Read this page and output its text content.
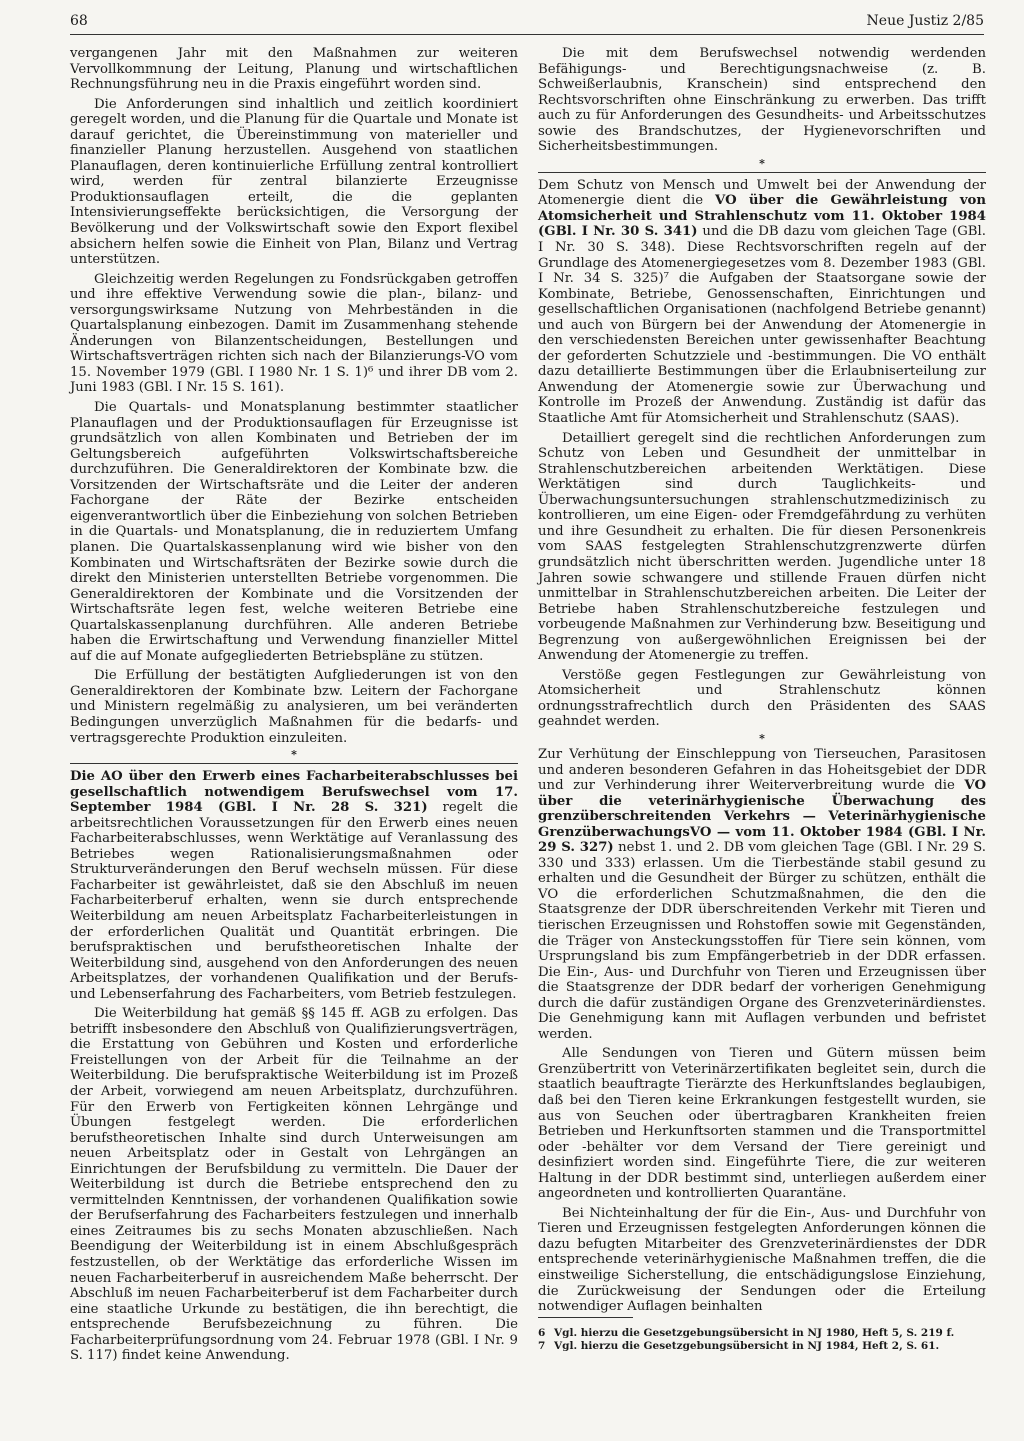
68	Neue Justiz 2/85

vergangenen Jahr mit den Maßnahmen zur weiteren Vervollkommnung der Leitung, Planung und wirtschaftlichen Rechnungsführung neu in die Praxis eingeführt worden sind.

Die Anforderungen sind inhaltlich und zeitlich koordiniert geregelt worden, und die Planung für die Quartale und Monate ist darauf gerichtet, die Übereinstimmung von materieller und finanzieller Planung herzustellen. Ausgehend von staatlichen Planauflagen, deren kontinuierliche Erfüllung zentral kontrolliert wird, werden für zentral bilanzierte Erzeugnisse Produktionsauflagen erteilt, die die geplanten Intensivierungseffekte berücksichtigen, die Versorgung der Bevölkerung und der Volkswirtschaft sowie den Export flexibel absichern helfen sowie die Einheit von Plan, Bilanz und Vertrag unterstützen.

Gleichzeitig werden Regelungen zu Fondsrückgaben getroffen und ihre effektive Verwendung sowie die plan-, bilanz- und versorgungswirksame Nutzung von Mehrbeständen in die Quartalsplanung einbezogen. Damit im Zusammenhang stehende Änderungen von Bilanzentscheidungen, Bestellungen und Wirtschaftsverträgen richten sich nach der Bilanzierungs-VO vom 15. November 1979 (GBl. I 1980 Nr. 1 S. 1)⁶ und ihrer DB vom 2. Juni 1983 (GBl. I Nr. 15 S. 161).

Die Quartals- und Monatsplanung bestimmter staatlicher Planauflagen und der Produktionsauflagen für Erzeugnisse ist grundsätzlich von allen Kombinaten und Betrieben der im Geltungsbereich aufgeführten Volkswirtschaftsbereiche durchzuführen. Die Generaldirektoren der Kombinate bzw. die Vorsitzenden der Wirtschaftsräte und die Leiter der anderen Fachorgane der Räte der Bezirke entscheiden eigenverantwortlich über die Einbeziehung von solchen Betrieben in die Quartals- und Monatsplanung, die in reduziertem Umfang planen. Die Quartalskassenplanung wird wie bisher von den Kombinaten und Wirtschaftsräten der Bezirke sowie durch die direkt den Ministerien unterstellten Betriebe vorgenommen. Die Generaldirektoren der Kombinate und die Vorsitzenden der Wirtschaftsräte legen fest, welche weiteren Betriebe eine Quartalskassenplanung durchführen. Alle anderen Betriebe haben die Erwirtschaftung und Verwendung finanzieller Mittel auf die auf Monate aufgegliederten Betriebspläne zu stützen.

Die Erfüllung der bestätigten Aufgliederungen ist von den Generaldirektoren der Kombinate bzw. Leitern der Fachorgane und Ministern regelmäßig zu analysieren, um bei veränderten Bedingungen unverzüglich Maßnahmen für die bedarfs- und vertragsgerechte Produktion einzuleiten.

*

Die AO über den Erwerb eines Facharbeiterabschlusses bei gesellschaftlich notwendigem Berufswechsel vom 17. September 1984 (GBl. I Nr. 28 S. 321) regelt die arbeitsrechtlichen Voraussetzungen für den Erwerb eines neuen Facharbeiterabschlusses, wenn Werktätige auf Veranlassung des Betriebes wegen Rationalisierungsmaßnahmen oder Strukturveränderungen den Beruf wechseln müssen. Für diese Facharbeiter ist gewährleistet, daß sie den Abschluß im neuen Facharbeiterberuf erhalten, wenn sie durch entsprechende Weiterbildung am neuen Arbeitsplatz Facharbeiterleistungen in der erforderlichen Qualität und Quantität erbringen. Die berufspraktischen und berufstheoretischen Inhalte der Weiterbildung sind, ausgehend von den Anforderungen des neuen Arbeitsplatzes, der vorhandenen Qualifikation und der Berufs- und Lebenserfahrung des Facharbeiters, vom Betrieb festzulegen.

Die Weiterbildung hat gemäß §§ 145 ff. AGB zu erfolgen. Das betrifft insbesondere den Abschluß von Qualifizierungsverträgen, die Erstattung von Gebühren und Kosten und erforderliche Freistellungen von der Arbeit für die Teilnahme an der Weiterbildung. Die berufspraktische Weiterbildung ist im Prozeß der Arbeit, vorwiegend am neuen Arbeitsplatz, durchzuführen. Für den Erwerb von Fertigkeiten können Lehrgänge und Übungen festgelegt werden. Die erforderlichen berufstheoretischen Inhalte sind durch Unterweisungen am neuen Arbeitsplatz oder in Gestalt von Lehrgängen an Einrichtungen der Berufsbildung zu vermitteln. Die Dauer der Weiterbildung ist durch die Betriebe entsprechend den zu vermittelnden Kenntnissen, der vorhandenen Qualifikation sowie der Berufserfahrung des Facharbeiters festzulegen und innerhalb eines Zeitraumes bis zu sechs Monaten abzuschließen. Nach Beendigung der Weiterbildung ist in einem Abschlußgespräch festzustellen, ob der Werktätige das erforderliche Wissen im neuen Facharbeiterberuf in ausreichendem Maße beherrscht. Der Abschluß im neuen Facharbeiterberuf ist dem Facharbeiter durch eine staatliche Urkunde zu bestätigen, die ihn berechtigt, die entsprechende Berufsbezeichnung zu führen. Die Facharbeiterprüfungsordnung vom 24. Februar 1978 (GBl. I Nr. 9 S. 117) findet keine Anwendung.

Die mit dem Berufswechsel notwendig werdenden Befähigungs- und Berechtigungsnachweise (z. B. Schweißerlaubnis, Kranschein) sind entsprechend den Rechtsvorschriften ohne Einschränkung zu erwerben. Das trifft auch zu für Anforderungen des Gesundheits- und Arbeitsschutzes sowie des Brandschutzes, der Hygienevorschriften und Sicherheitsbestimmungen.

*

Dem Schutz von Mensch und Umwelt bei der Anwendung der Atomenergie dient die VO über die Gewährleistung von Atomsicherheit und Strahlenschutz vom 11. Oktober 1984 (GBl. I Nr. 30 S. 341) und die DB dazu vom gleichen Tage (GBl. I Nr. 30 S. 348). Diese Rechtsvorschriften regeln auf der Grundlage des Atomenergiegesetzes vom 8. Dezember 1983 (GBl. I Nr. 34 S. 325)⁷ die Aufgaben der Staatsorgane sowie der Kombinate, Betriebe, Genossenschaften, Einrichtungen und gesellschaftlichen Organisationen (nachfolgend Betriebe genannt) und auch von Bürgern bei der Anwendung der Atomenergie in den verschiedensten Bereichen unter gewissenhafter Beachtung der geforderten Schutzziele und -bestimmungen. Die VO enthält dazu detaillierte Bestimmungen über die Erlaubniserteilung zur Anwendung der Atomenergie sowie zur Überwachung und Kontrolle im Prozeß der Anwendung. Zuständig ist dafür das Staatliche Amt für Atomsicherheit und Strahlenschutz (SAAS).

Detailliert geregelt sind die rechtlichen Anforderungen zum Schutz von Leben und Gesundheit der unmittelbar in Strahlenschutzbereichen arbeitenden Werktätigen. Diese Werktätigen sind durch Tauglichkeits- und Überwachungsuntersuchungen strahlenschutzmedizinisch zu kontrollieren, um eine Eigen- oder Fremdgefährdung zu verhüten und ihre Gesundheit zu erhalten. Die für diesen Personenkreis vom SAAS festgelegten Strahlenschutzgrenzwerte dürfen grundsätzlich nicht überschritten werden. Jugendliche unter 18 Jahren sowie schwangere und stillende Frauen dürfen nicht unmittelbar in Strahlenschutzbereichen arbeiten. Die Leiter der Betriebe haben Strahlenschutzbereiche festzulegen und vorbeugende Maßnahmen zur Verhinderung bzw. Beseitigung und Begrenzung von außergewöhnlichen Ereignissen bei der Anwendung der Atomenergie zu treffen.

Verstöße gegen Festlegungen zur Gewährleistung von Atomsicherheit und Strahlenschutz können ordnungsstrafrechtlich durch den Präsidenten des SAAS geahndet werden.

*

Zur Verhütung der Einschleppung von Tierseuchen, Parasitosen und anderen besonderen Gefahren in das Hoheitsgebiet der DDR und zur Verhinderung ihrer Weiterverbreitung wurde die VO über die veterinärhygienische Überwachung des grenzüberschreitenden Verkehrs — Veterinärhygienische GrenzüberwachungsVO — vom 11. Oktober 1984 (GBl. I Nr. 29 S. 327) nebst 1. und 2. DB vom gleichen Tage (GBl. I Nr. 29 S. 330 und 333) erlassen. Um die Tierbestände stabil gesund zu erhalten und die Gesundheit der Bürger zu schützen, enthält die VO die erforderlichen Schutzmaßnahmen, die den die Staatsgrenze der DDR überschreitenden Verkehr mit Tieren und tierischen Erzeugnissen und Rohstoffen sowie mit Gegenständen, die Träger von Ansteckungsstoffen für Tiere sein können, vom Ursprungsland bis zum Empfängerbetrieb in der DDR erfassen. Die Ein-, Aus- und Durchfuhr von Tieren und Erzeugnissen über die Staatsgrenze der DDR bedarf der vorherigen Genehmigung durch die dafür zuständigen Organe des Grenzveterinärdienstes. Die Genehmigung kann mit Auflagen verbunden und befristet werden.

Alle Sendungen von Tieren und Gütern müssen beim Grenzübertritt von Veterinärzertifikaten begleitet sein, durch die staatlich beauftragte Tierärzte des Herkunftslandes beglaubigen, daß bei den Tieren keine Erkrankungen festgestellt wurden, sie aus von Seuchen oder übertragbaren Krankheiten freien Betrieben und Herkunftsorten stammen und die Transportmittel oder -behälter vor dem Versand der Tiere gereinigt und desinfiziert worden sind. Eingeführte Tiere, die zur weiteren Haltung in der DDR bestimmt sind, unterliegen außerdem einer angeordneten und kontrollierten Quarantäne.

Bei Nichteinhaltung der für die Ein-, Aus- und Durchfuhr von Tieren und Erzeugnissen festgelegten Anforderungen können die dazu befugten Mitarbeiter des Grenzveterinärdienstes der DDR entsprechende veterinärhygienische Maßnahmen treffen, die die einstweilige Sicherstellung, die entschädigungslose Einziehung, die Zurückweisung der Sendungen oder die Erteilung notwendiger Auflagen beinhalten

6 Vgl. hierzu die Gesetzgebungsübersicht in NJ 1980, Heft 5, S. 219 f.
7 Vgl. hierzu die Gesetzgebungsübersicht in NJ 1984, Heft 2, S. 61.
